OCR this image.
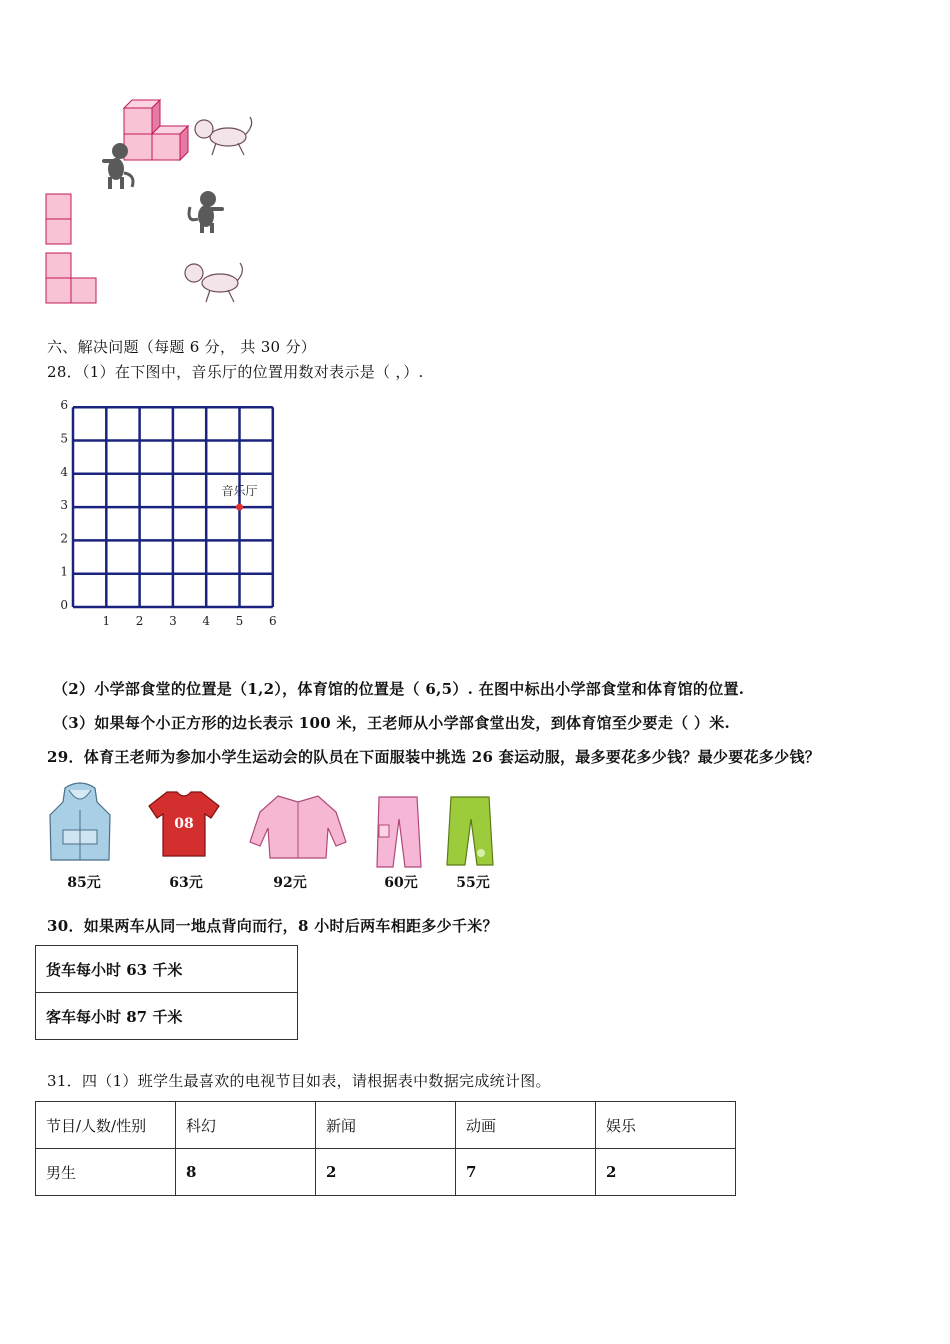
六、解决问题（每题 6 分， 共 30 分）
28．（1）在下图中，音乐厅的位置用数对表示是（ ，）.
1 2 3 4 5 6
0
1
2
3
4
5
6
音乐厅
（2）小学部食堂的位置是（1,2），体育馆的位置是（ 6,5）. 在图中标出小学部食堂和体育馆的位置.
（3）如果每个小正方形的边长表示 100 米，王老师从小学部食堂出发，到体育馆至少要走（ ）米.
29．体育王老师为参加小学生运动会的队员在下面服装中挑选 26 套运动服，最多要花多少钱？最少要花多少钱？
08
85元	63元	92元	60元	55元
30．如果两车从同一地点背向而行，8 小时后两车相距多少千米？
货车每小时 63 千米
客车每小时 87 千米
31．四（1）班学生最喜欢的电视节目如表，请根据表中数据完成统计图。
节目/人数/性别	科幻	新闻	动画	娱乐
男生	8	2	7	2
